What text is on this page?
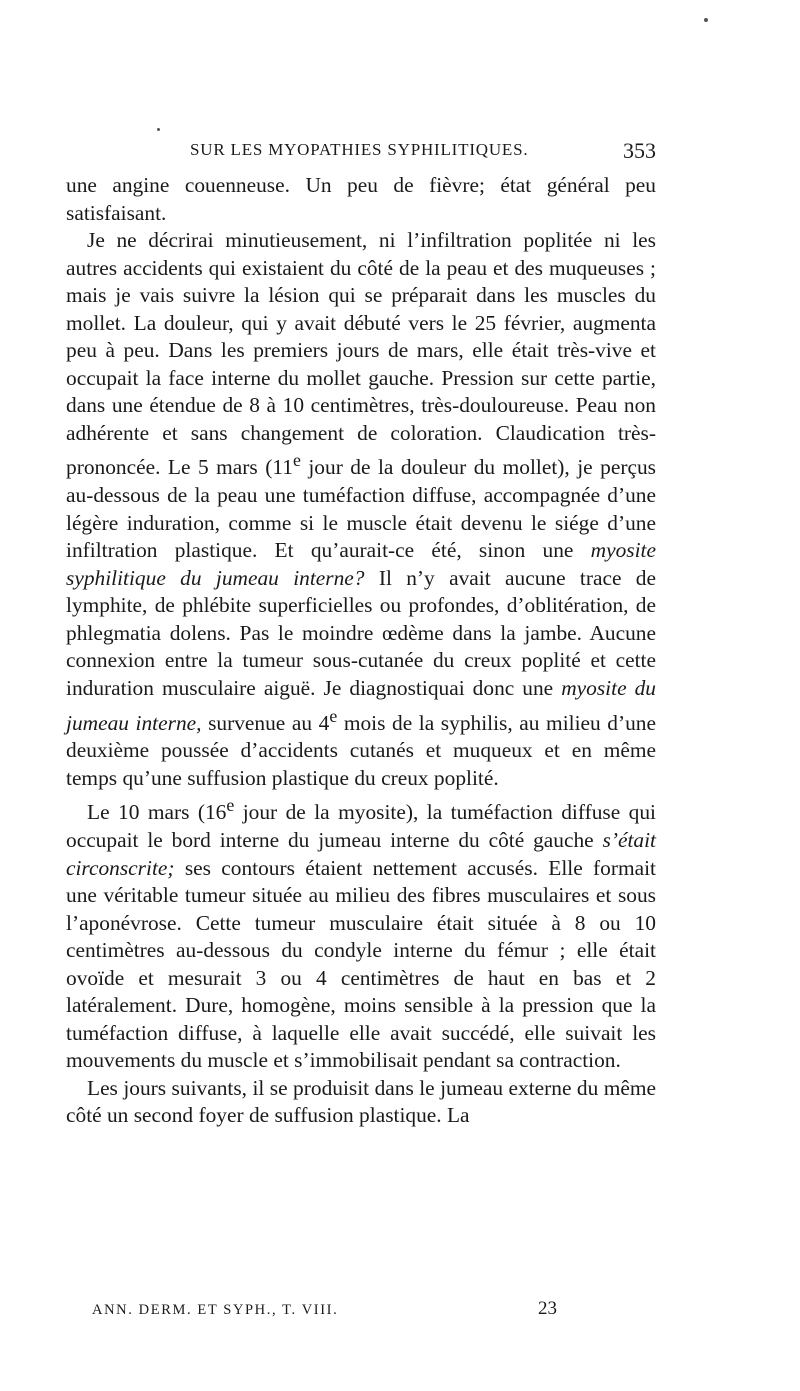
SUR LES MYOPATHIES SYPHILITIQUES.	353

une angine couenneuse. Un peu de fièvre; état général peu satisfaisant.

Je ne décrirai minutieusement, ni l’infiltration poplitée ni les autres accidents qui existaient du côté de la peau et des muqueuses ; mais je vais suivre la lésion qui se préparait dans les muscles du mollet. La douleur, qui y avait débuté vers le 25 février, augmenta peu à peu. Dans les premiers jours de mars, elle était très-vive et occupait la face interne du mollet gauche. Pression sur cette partie, dans une étendue de 8 à 10 centimètres, très-douloureuse. Peau non adhérente et sans changement de coloration. Claudication très-prononcée. Le 5 mars (11e jour de la douleur du mollet), je perçus au-dessous de la peau une tuméfaction diffuse, accompagnée d’une légère induration, comme si le muscle était devenu le siége d’une infiltration plastique. Et qu’aurait-ce été, sinon une myosite syphilitique du jumeau interne? Il n’y avait aucune trace de lymphite, de phlébite superficielles ou profondes, d’oblitération, de phlegmatia dolens. Pas le moindre œdème dans la jambe. Aucune connexion entre la tumeur sous-cutanée du creux poplité et cette induration musculaire aiguë. Je diagnostiquai donc une myosite du jumeau interne, survenue au 4e mois de la syphilis, au milieu d’une deuxième poussée d’accidents cutanés et muqueux et en même temps qu’une suffusion plastique du creux poplité.

Le 10 mars (16e jour de la myosite), la tuméfaction diffuse qui occupait le bord interne du jumeau interne du côté gauche s’était circonscrite; ses contours étaient nettement accusés. Elle formait une véritable tumeur située au milieu des fibres musculaires et sous l’aponévrose. Cette tumeur musculaire était située à 8 ou 10 centimètres au-dessous du condyle interne du fémur ; elle était ovoïde et mesurait 3 ou 4 centimètres de haut en bas et 2 latéralement. Dure, homogène, moins sensible à la pression que la tuméfaction diffuse, à laquelle elle avait succédé, elle suivait les mouvements du muscle et s’immobilisait pendant sa contraction.

Les jours suivants, il se produisit dans le jumeau externe du même côté un second foyer de suffusion plastique. La

ANN. DERM. ET SYPH., T. VIII.	23
